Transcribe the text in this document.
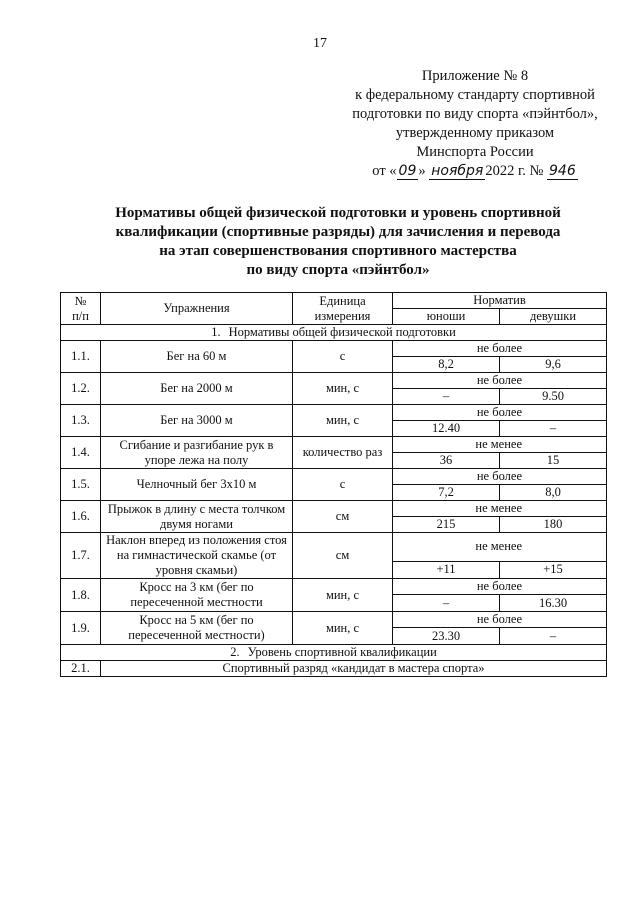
17
Приложение № 8
к федеральному стандарту спортивной
подготовки по виду спорта «пэйнтбол»,
утвержденному приказом
Минспорта России
от « 09 » ноября 2022 г. № 946
Нормативы общей физической подготовки и уровень спортивной
квалификации (спортивные разряды) для зачисления и перевода
на этап совершенствования спортивного мастерства
по виду спорта «пэйнтбол»
№
п/п	Упражнения	Единица
измерения	Норматив	
			юноши	девушки
1. Нормативы общей физической подготовки				
1.1.	Бег на 60 м	с	не более	
			8,2	9,6
1.2.	Бег на 2000 м	мин, с	не более	
			–	9.50
1.3.	Бег на 3000 м	мин, с	не более	
			12.40	–
1.4.	Сгибание и разгибание рук в упоре лежа на полу	количество раз	не менее	
			36	15
1.5.	Челночный бег 3х10 м	с	не более	
			7,2	8,0
1.6.	Прыжок в длину с места толчком двумя ногами	см	не менее	
			215	180
1.7.	Наклон вперед из положения стоя на гимнастической скамье (от уровня скамьи)	см	не менее	
			+11	+15
1.8.	Кросс на 3 км (бег по пересеченной местности	мин, с	не более	
			–	16.30
1.9.	Кросс на 5 км (бег по пересеченной местности)	мин, с	не более	
			23.30	–
2. Уровень спортивной квалификации				
2.1.	Спортивный разряд «кандидат в мастера спорта»			
